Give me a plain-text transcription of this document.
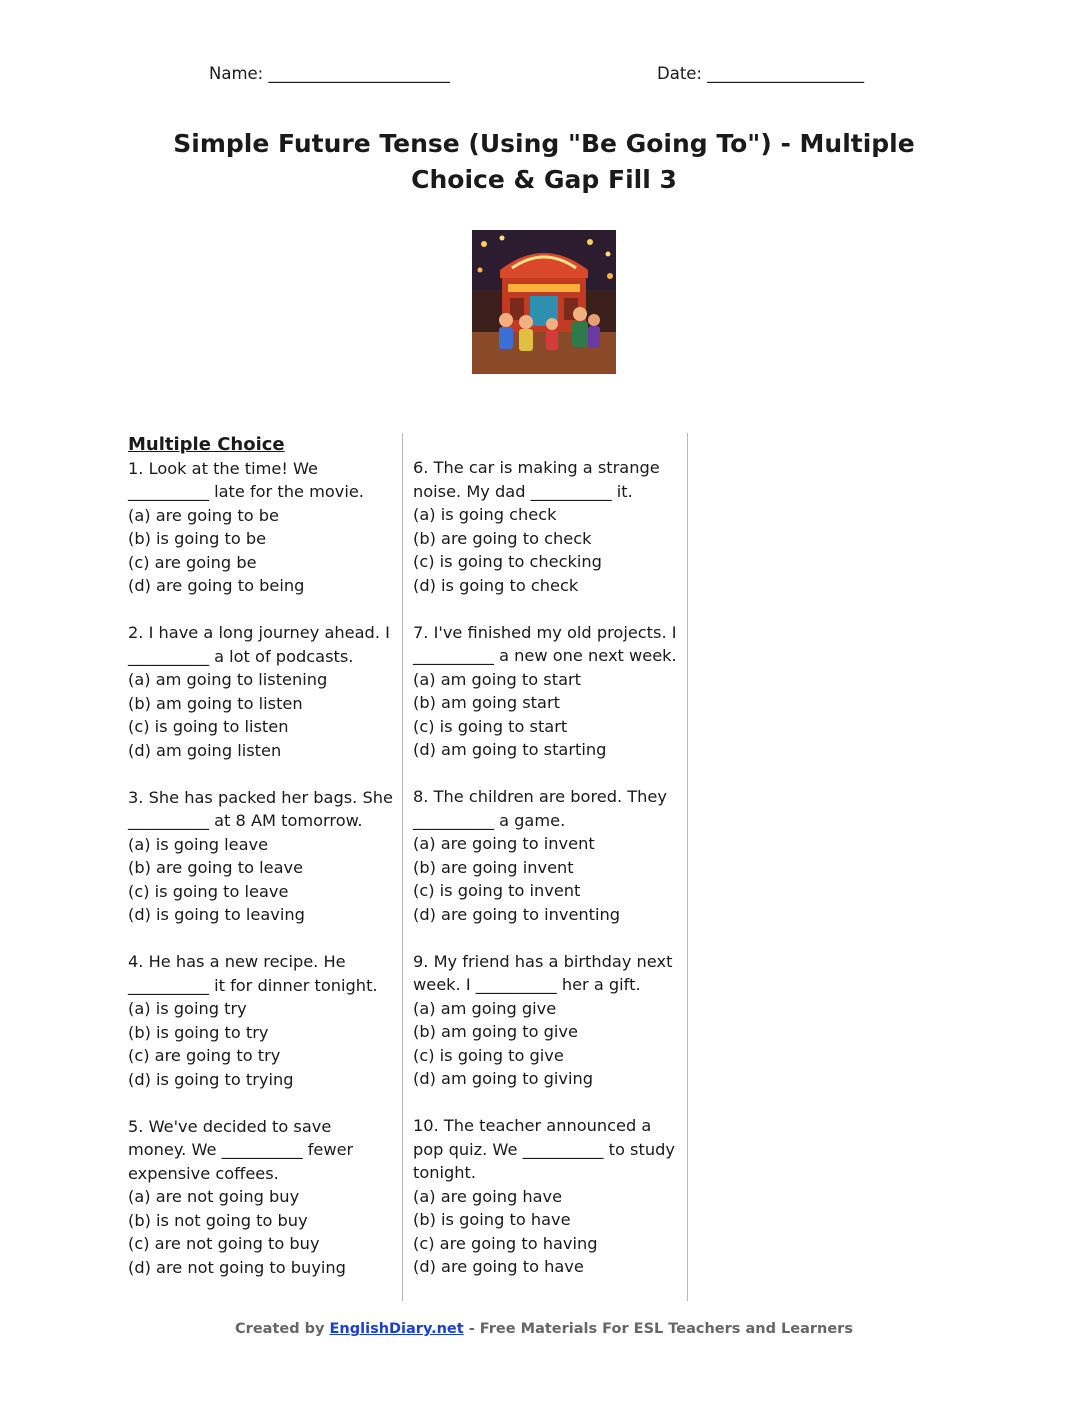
Name: ______________________	Date: ___________________
Simple Future Tense (Using "Be Going To") - Multiple Choice & Gap Fill 3
Multiple Choice

1. Look at the time! We __________ late for the movie.

(a) are going to be

(b) is going to be

(c) are going be

(d) are going to being

2. I have a long journey ahead. I __________ a lot of podcasts.

(a) am going to listening

(b) am going to listen

(c) is going to listen

(d) am going listen

3. She has packed her bags. She __________ at 8 AM tomorrow.

(a) is going leave

(b) are going to leave

(c) is going to leave

(d) is going to leaving

4. He has a new recipe. He __________ it for dinner tonight.

(a) is going try

(b) is going to try

(c) are going to try

(d) is going to trying

5. We've decided to save money. We __________ fewer expensive coffees.

(a) are not going buy

(b) is not going to buy

(c) are not going to buy

(d) are not going to buying

6. The car is making a strange noise. My dad __________ it.

(a) is going check

(b) are going to check

(c) is going to checking

(d) is going to check

7. I've finished my old projects. I __________ a new one next week.

(a) am going to start

(b) am going start

(c) is going to start

(d) am going to starting

8. The children are bored. They __________ a game.

(a) are going to invent

(b) are going invent

(c) is going to invent

(d) are going to inventing

9. My friend has a birthday next week. I __________ her a gift.

(a) am going give

(b) am going to give

(c) is going to give

(d) am going to giving

10. The teacher announced a pop quiz. We __________ to study tonight.

(a) are going have

(b) is going to have

(c) are going to having

(d) are going to have

Created by EnglishDiary.net - Free Materials For ESL Teachers and Learners
